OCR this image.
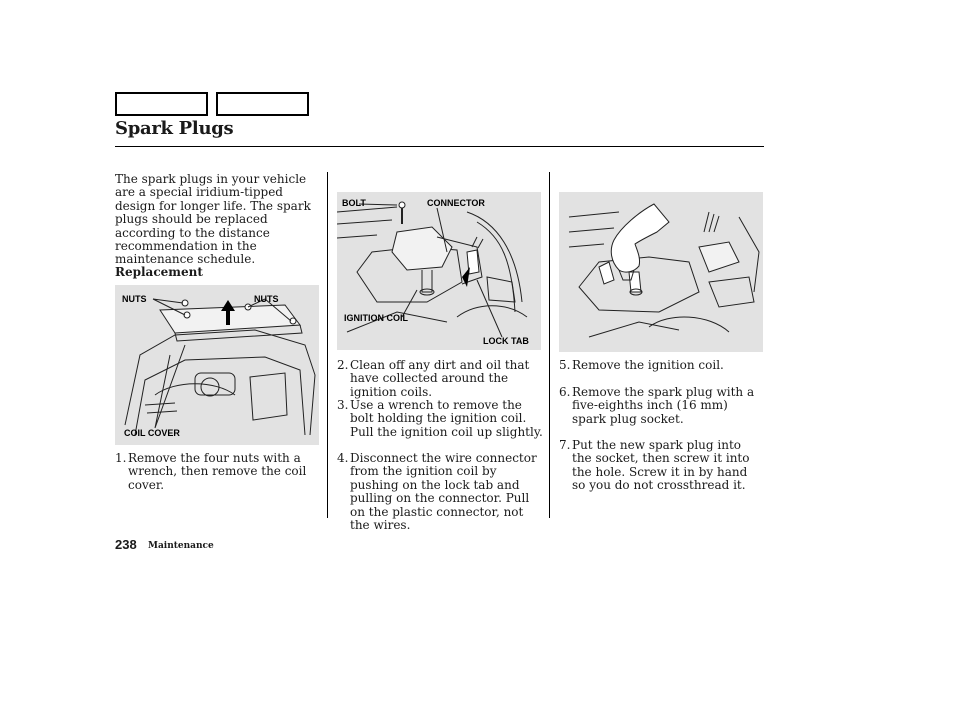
Spark Plugs
The spark plugs in your vehicle are a special iridium-tipped design for longer life. The spark plugs should be replaced according to the distance recommendation in the maintenance schedule.
Replacement
NUTS	NUTS
COIL COVER
1. Remove the four nuts with a wrench, then remove the coil cover.
BOLT	CONNECTOR
IGNITION COIL
LOCK TAB
2. Clean off any dirt and oil that have collected around the ignition coils.
3. Use a wrench to remove the bolt holding the ignition coil. Pull the ignition coil up slightly.
4. Disconnect the wire connector from the ignition coil by pushing on the lock tab and pulling on the connector. Pull on the plastic connector, not the wires.
5. Remove the ignition coil.
6. Remove the spark plug with a five-eighths inch (16 mm) spark plug socket.
7. Put the new spark plug into the socket, then screw it into the hole. Screw it in by hand so you do not crossthread it.
238 Maintenance
